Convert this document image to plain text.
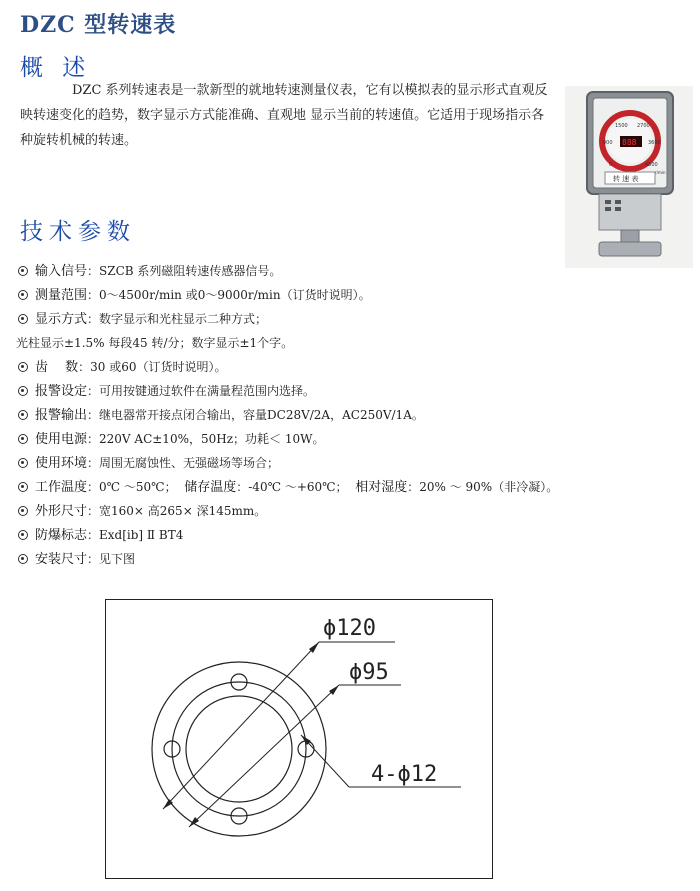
DZC 型转速表
概 述

DZC 系列转速表是一款新型的就地转速测量仪表，它有以模拟表的显示形式直观反映转速变化的趋势，数字显示方式能准确、直观地 显示当前的转速值。它适用于现场指示各种旋转机械的转速。

1500 2700
900	3600
4500
0
r/min
888
转 速 表
技术参数
输入信号：SZCB 系列磁阻转速传感器信号。
测量范围：0～4500r/min 或0～9000r/min（订货时说明）。
显示方式：数字显示和光柱显示二种方式；
光柱显示±1.5% 每段45 转/分；数字显示±1个字。
齿　 数：30 或60（订货时说明）。
报警设定：可用按键通过软件在满量程范围内选择。
报警输出：继电器常开接点闭合输出，容量DC28V/2A，AC250V/1A。
使用电源：220V AC±10%，50Hz；功耗＜ 10W。
使用环境：周围无腐蚀性、无强磁场等场合；
工作温度：0℃ ～50℃； 储存温度：-40℃ ～+60℃； 相对湿度：20% ～ 90%（非冷凝）。
外形尺寸：宽160× 高265× 深145mm。
防爆标志：Exd[ib] Ⅱ BT4
安装尺寸：见下图
ϕ120
ϕ95
4-ϕ12
